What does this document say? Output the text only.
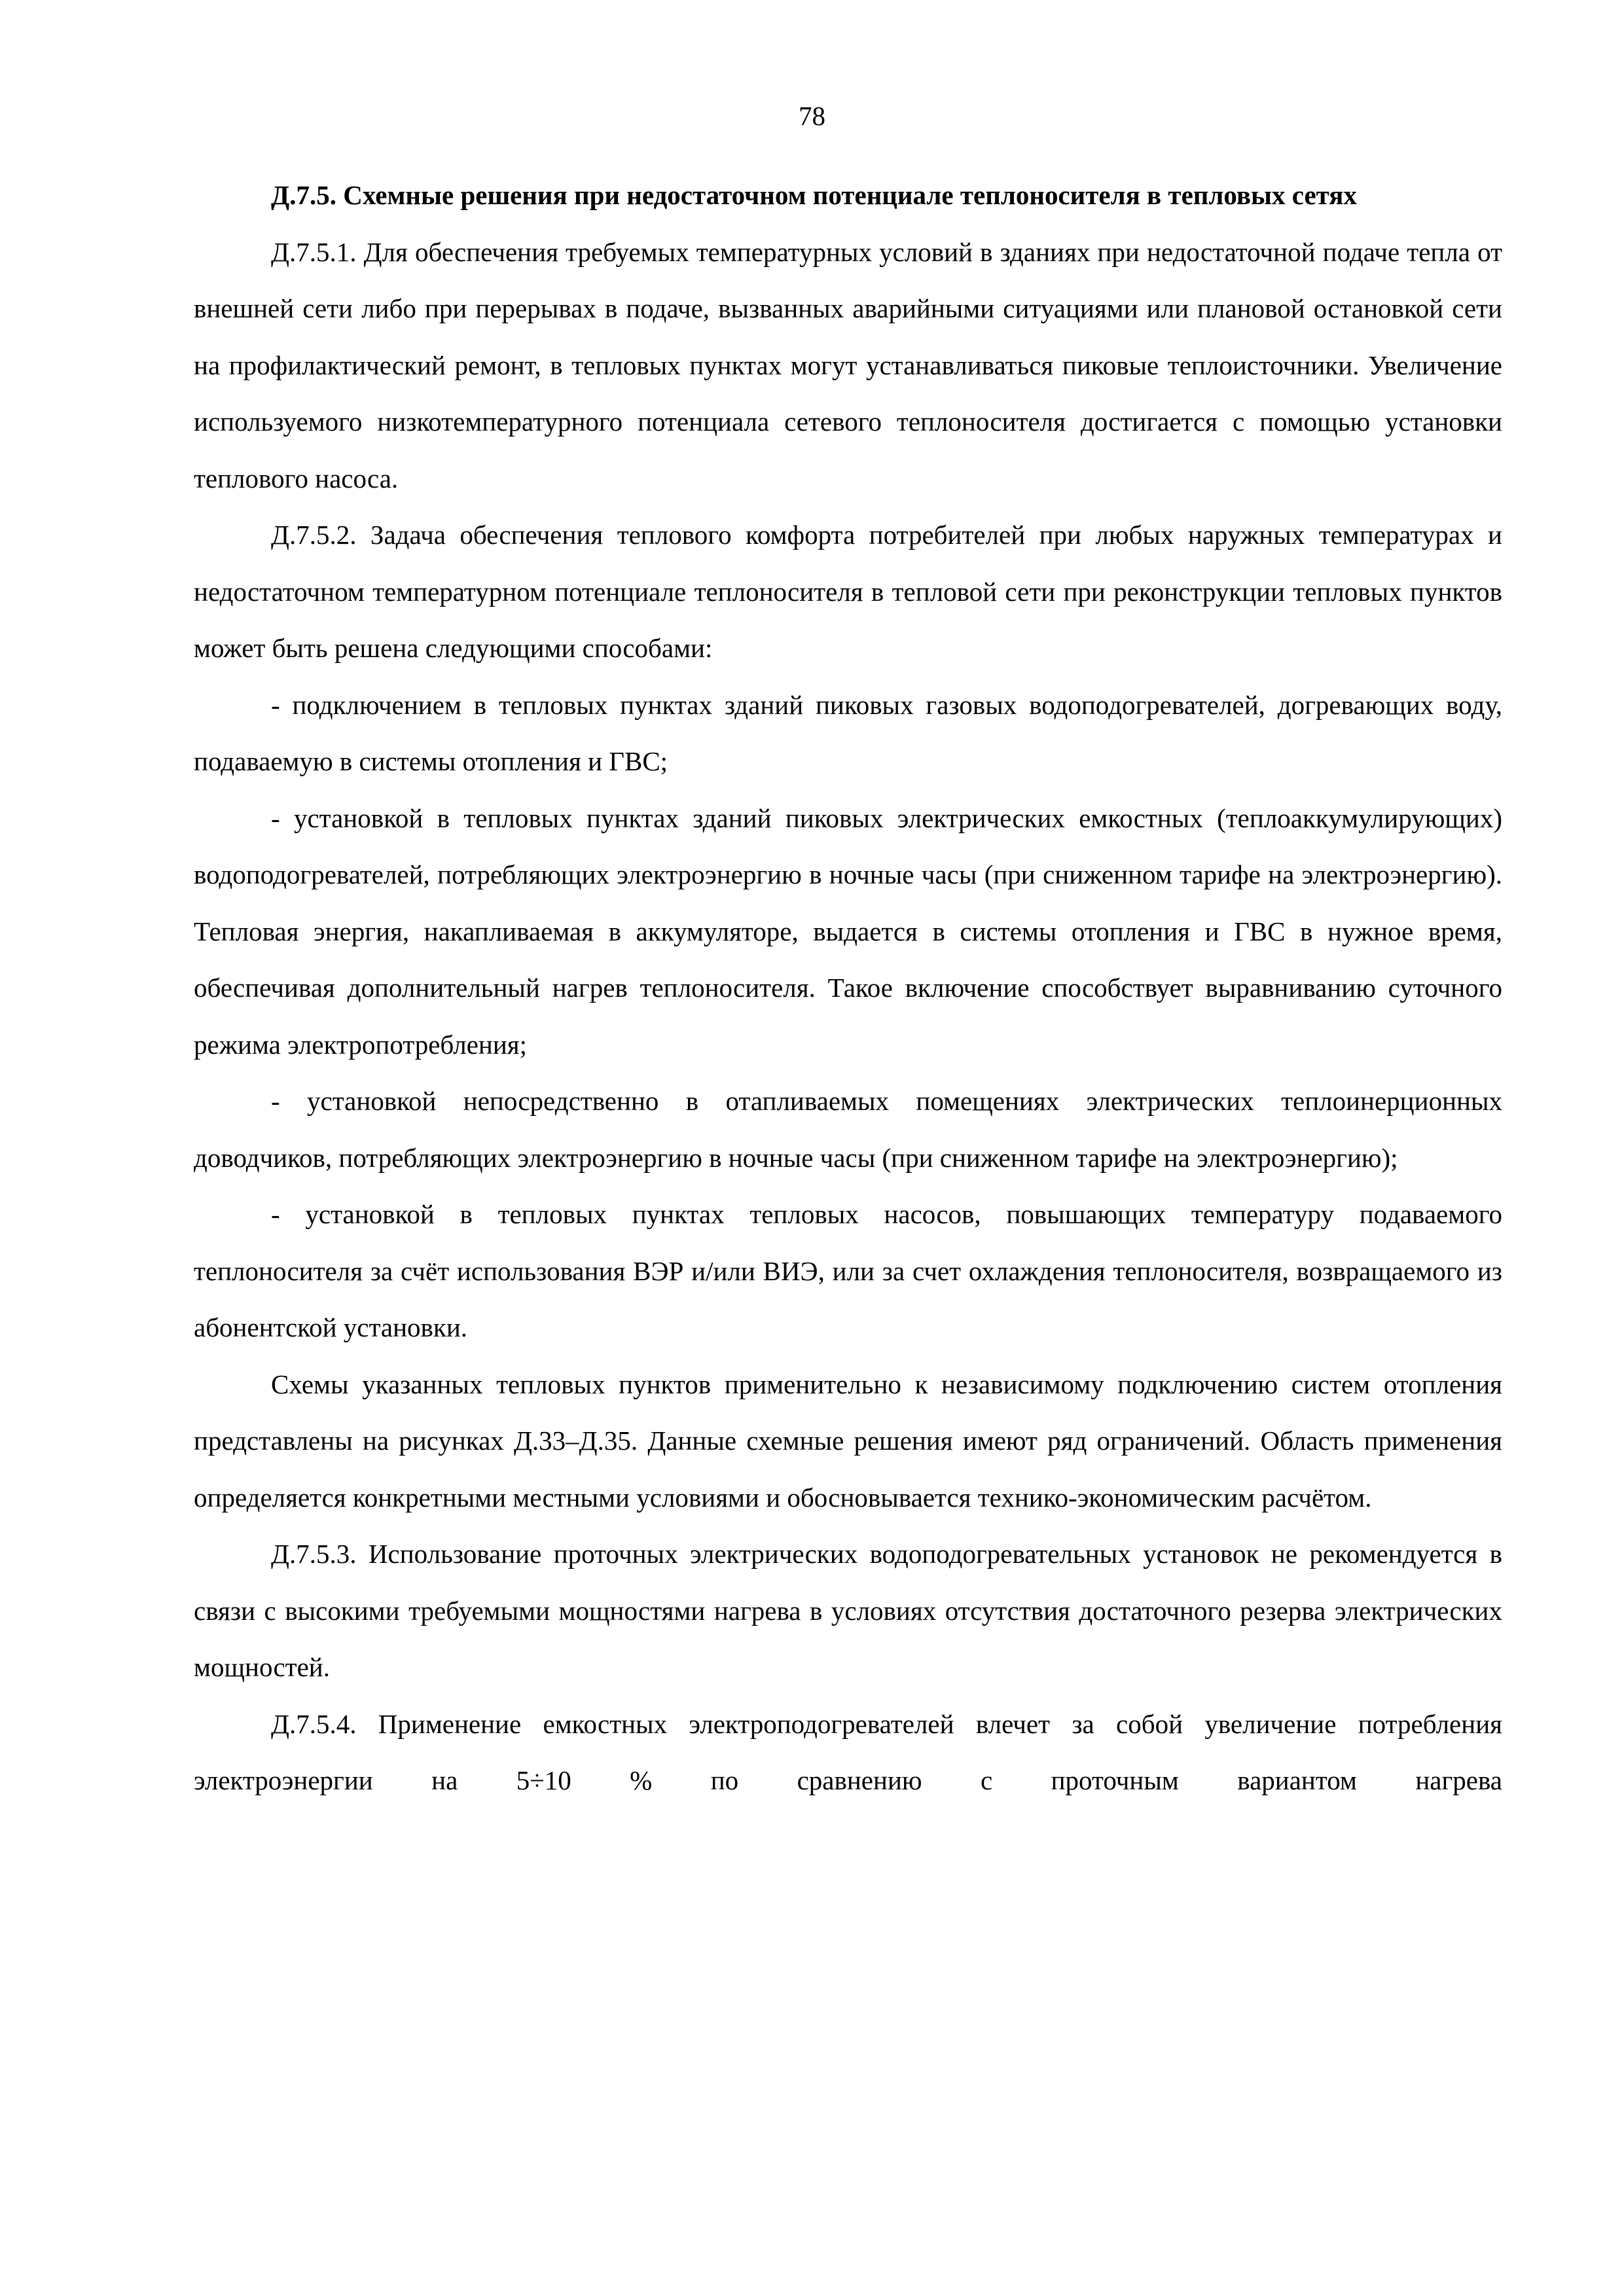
78

Д.7.5. Схемные решения при недостаточном потенциале теплоносителя в тепловых сетях

Д.7.5.1. Для обеспечения требуемых температурных условий в зданиях при недостаточной подаче тепла от внешней сети либо при перерывах в подаче, вызванных аварийными ситуациями или плановой остановкой сети на профилактический ремонт, в тепловых пунктах могут устанавливаться пиковые теплоисточники. Увеличение используемого низкотемпературного потенциала сетевого теплоносителя достигается с помощью установки теплового насоса.

Д.7.5.2. Задача обеспечения теплового комфорта потребителей при любых наружных температурах и недостаточном температурном потенциале теплоносителя в тепловой сети при реконструкции тепловых пунктов может быть решена следующими способами:

- подключением в тепловых пунктах зданий пиковых газовых водоподогревателей, догревающих воду, подаваемую в системы отопления и ГВС;

- установкой в тепловых пунктах зданий пиковых электрических емкостных (теплоаккумулирующих) водоподогревателей, потребляющих электроэнергию в ночные часы (при сниженном тарифе на электроэнергию). Тепловая энергия, накапливаемая в аккумуляторе, выдается в системы отопления и ГВС в нужное время, обеспечивая дополнительный нагрев теплоносителя. Такое включение способствует выравниванию суточного режима электропотребления;

- установкой непосредственно в отапливаемых помещениях электрических теплоинерционных доводчиков, потребляющих электроэнергию в ночные часы (при сниженном тарифе на электроэнергию);

- установкой в тепловых пунктах тепловых насосов, повышающих температуру подаваемого теплоносителя за счёт использования ВЭР и/или ВИЭ, или за счет охлаждения теплоносителя, возвращаемого из абонентской установки.

Схемы указанных тепловых пунктов применительно к независимому подключению систем отопления представлены на рисунках Д.33–Д.35. Данные схемные решения имеют ряд ограничений. Область применения определяется конкретными местными условиями и обосновывается технико-экономическим расчётом.

Д.7.5.3. Использование проточных электрических водоподогревательных установок не рекомендуется в связи с высокими требуемыми мощностями нагрева в условиях отсутствия достаточного резерва электрических мощностей.

Д.7.5.4. Применение емкостных электроподогревателей влечет за собой увеличение потребления электроэнергии на 5÷10 % по сравнению с проточным вариантом нагрева
